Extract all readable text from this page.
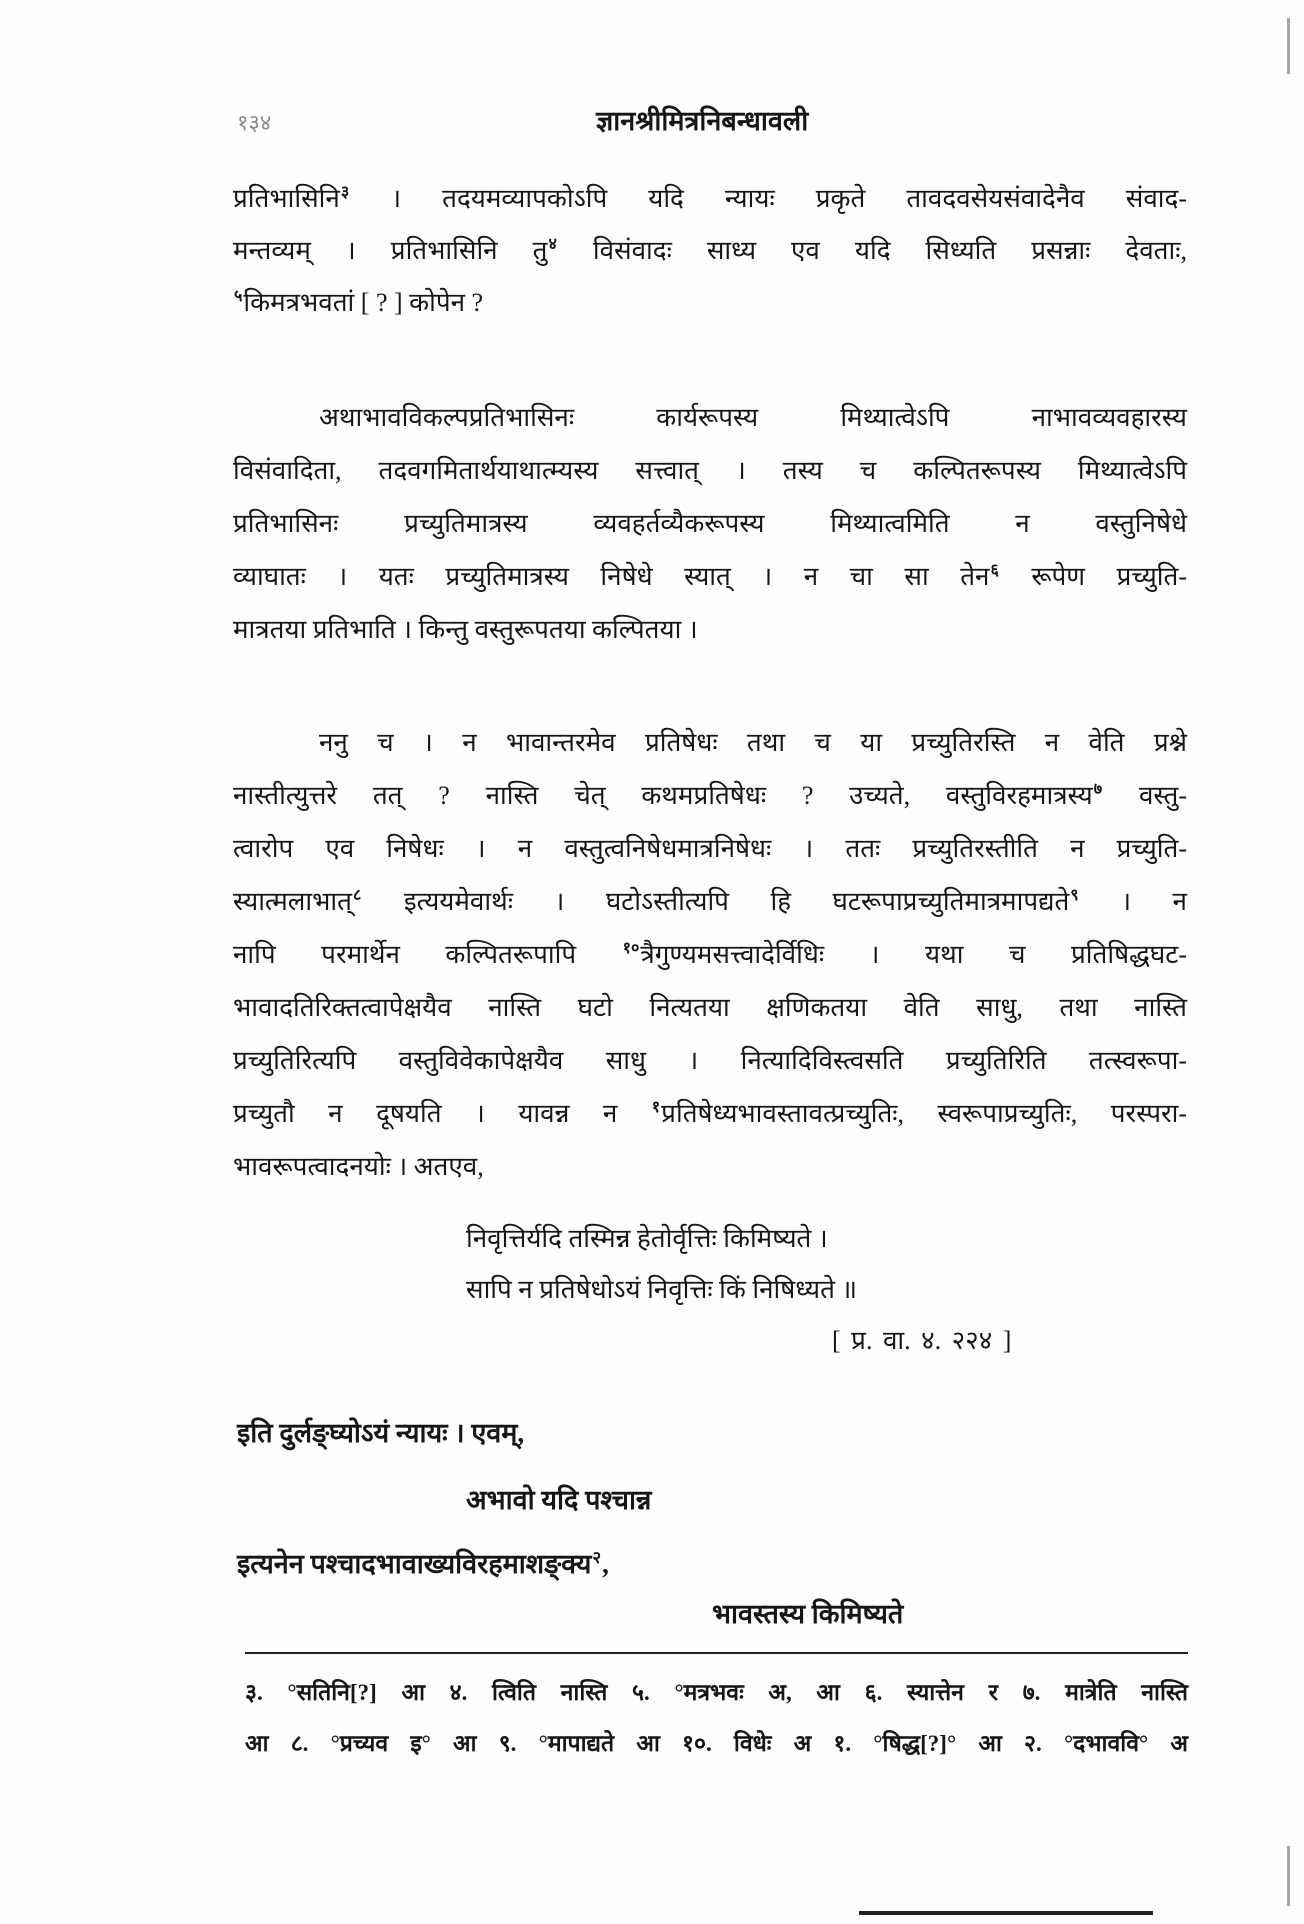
१३४	ज्ञानश्रीमित्रनिबन्धावली
प्रतिभासिनि$^३$ । तदयमव्यापकोऽपि यदि न्यायः प्रकृते तावदवसेयसंवादेनैव संवाद-
मन्तव्यम् । प्रतिभासिनि तु$^४$ विसंवादः साध्य एव यदि सिध्यति प्रसन्नाः देवताः,
$^५$किमत्रभवतां [ ? ] कोपेन ?
अथाभावविकल्पप्रतिभासिनः कार्यरूपस्य मिथ्यात्वेऽपि नाभावव्यवहारस्य
विसंवादिता, तदवगमितार्थयाथात्म्यस्य सत्त्वात् । तस्य च कल्पितरूपस्य मिथ्यात्वेऽपि
प्रतिभासिनः प्रच्युतिमात्रस्य व्यवहर्तव्यैकरूपस्य मिथ्यात्वमिति न वस्तुनिषेधे
व्याघातः । यतः प्रच्युतिमात्रस्य निषेधे स्यात् । न चा सा तेन$^६$ रूपेण प्रच्युति-
मात्रतया प्रतिभाति । किन्तु वस्तुरूपतया कल्पितया ।
ननु च । न भावान्तरमेव प्रतिषेधः तथा च या प्रच्युतिरस्ति न वेति प्रश्ने
नास्तीत्युत्तरे तत् ? नास्ति चेत् कथमप्रतिषेधः ? उच्यते, वस्तुविरहमात्रस्य$^७$ वस्तु-
त्वारोप एव निषेधः । न वस्तुत्वनिषेधमात्रनिषेधः । ततः प्रच्युतिरस्तीति न प्रच्युति-
स्यात्मलाभात्$^८$ इत्ययमेवार्थः । घटोऽस्तीत्यपि हि घटरूपाप्रच्युतिमात्रमापद्यते$^९$ । न
नापि परमार्थेन कल्पितरूपापि $^{१०}$त्रैगुण्यमसत्त्वादेर्विधिः । यथा च प्रतिषिद्धघट-
भावादतिरिक्तत्वापेक्षयैव नास्ति घटो नित्यतया क्षणिकतया वेति साधु, तथा नास्ति
प्रच्युतिरित्यपि वस्तुविवेकापेक्षयैव साधु । नित्यादिविस्त्वसति प्रच्युतिरिति तत्स्वरूपा-
प्रच्युतौ न दूषयति । यावन्न न $^१$प्रतिषेध्यभावस्तावत्प्रच्युतिः, स्वरूपाप्रच्युतिः, परस्परा-
भावरूपत्वादनयोः । अतएव,
निवृत्तिर्यदि तस्मिन्न हेतोर्वृत्तिः किमिष्यते ।
सापि न प्रतिषेधोऽयं निवृत्तिः किं निषिध्यते ॥
[ प्र. वा. ४. २२४ ]
इति दुर्लङ्घ्योऽयं न्यायः । एवम्,
अभावो यदि पश्चान्न
इत्यनेन पश्चादभावाख्यविरहमाशङ्क्य$^२$,
भावस्तस्य किमिष्यते
३. °सतिनि[?] आ ४. त्विति नास्ति ५. °मत्रभवः अ, आ ६. स्यात्तेन र ७. मात्रेति नास्ति
आ ८. °प्रच्यव इ° आ ९. °मापाद्यते आ १०. विधेः अ १. °षिद्ध[?]° आ २. °दभाववि° अ
